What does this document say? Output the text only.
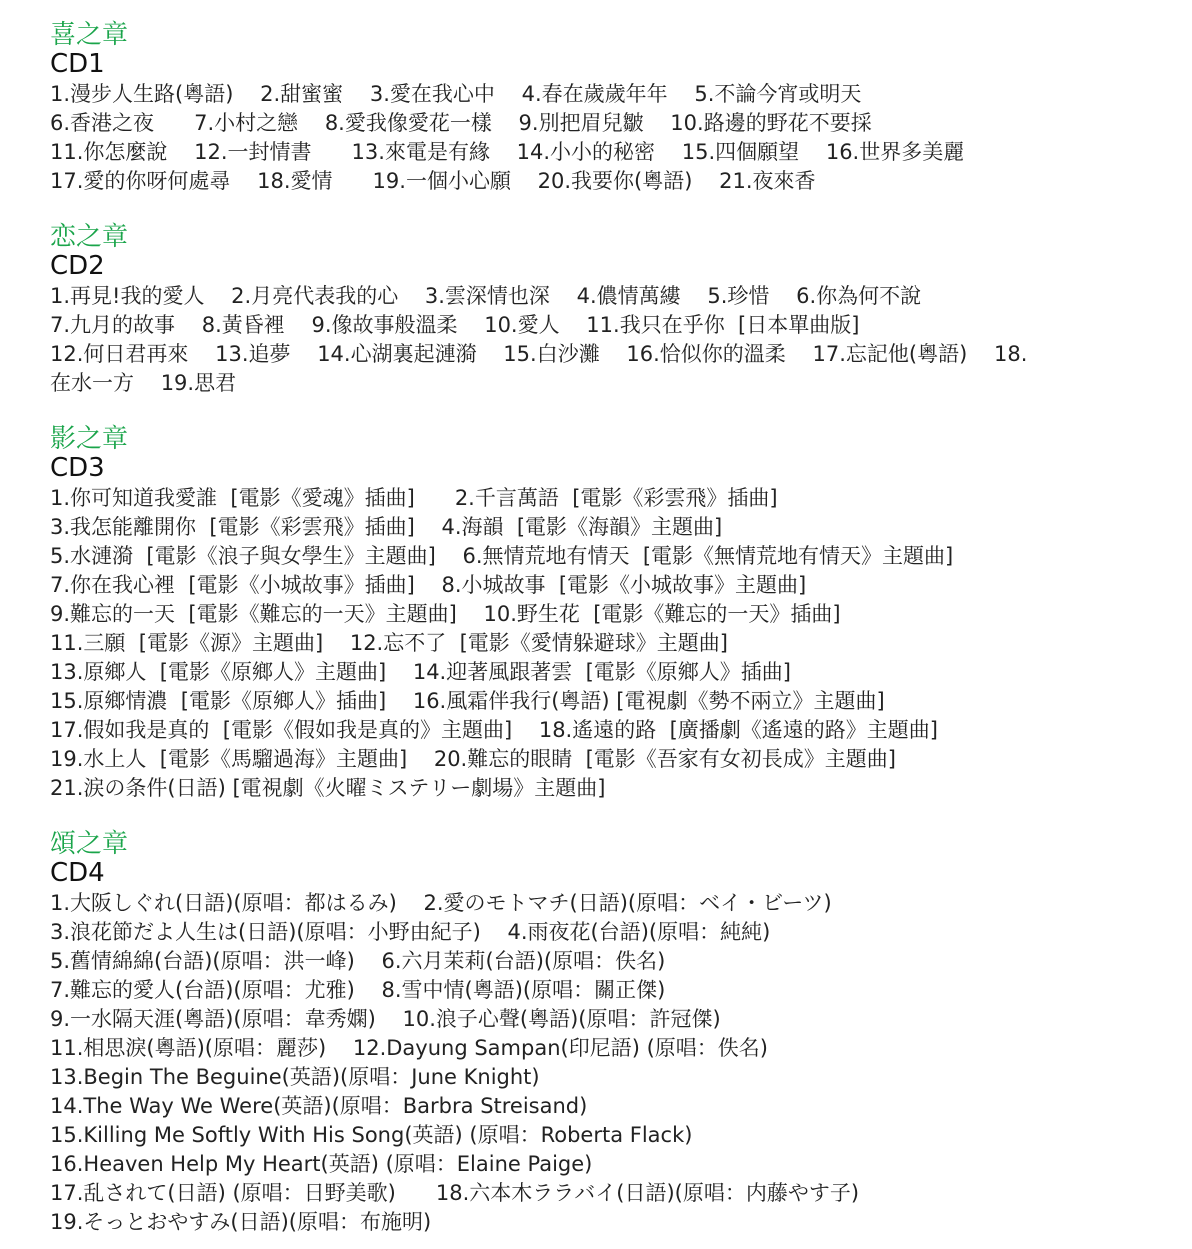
喜之章
CD1
1.漫步人生路(粵語)    2.甜蜜蜜    3.愛在我心中    4.春在歲歲年年    5.不論今宵或明天
6.香港之夜      7.小村之戀    8.愛我像愛花一樣    9.別把眉兒皺    10.路邊的野花不要採
11.你怎麼說    12.一封情書      13.來電是有緣    14.小小的秘密    15.四個願望    16.世界多美麗
17.愛的你呀何處尋    18.愛情      19.一個小心願    20.我要你(粵語)    21.夜來香
恋之章
CD2
1.再見!我的愛人    2.月亮代表我的心    3.雲深情也深    4.儂情萬縷    5.珍惜    6.你為何不說
7.九月的故事    8.黃昏裡    9.像故事般溫柔    10.愛人    11.我只在乎你  [日本單曲版]
12.何日君再來    13.追夢    14.心湖裏起漣漪    15.白沙灘    16.恰似你的溫柔    17.忘記他(粵語)    18.
在水一方    19.思君
影之章
CD3
1.你可知道我愛誰  [電影《愛魂》插曲]      2.千言萬語  [電影《彩雲飛》插曲]
3.我怎能離開你  [電影《彩雲飛》插曲]    4.海韻  [電影《海韻》主題曲]
5.水漣漪  [電影《浪子與女學生》主題曲]    6.無情荒地有情天  [電影《無情荒地有情天》主題曲]
7.你在我心裡  [電影《小城故事》插曲]    8.小城故事  [電影《小城故事》主題曲]
9.難忘的一天  [電影《難忘的一天》主題曲]    10.野生花  [電影《難忘的一天》插曲]
11.三願  [電影《源》主題曲]    12.忘不了  [電影《愛情躲避球》主題曲]
13.原鄉人  [電影《原鄉人》主題曲]    14.迎著風跟著雲  [電影《原鄉人》插曲]
15.原鄉情濃  [電影《原鄉人》插曲]    16.風霜伴我行(粵語) [電視劇《勢不兩立》主題曲]
17.假如我是真的  [電影《假如我是真的》主題曲]    18.遙遠的路  [廣播劇《遙遠的路》主題曲]
19.水上人  [電影《馬騮過海》主題曲]    20.難忘的眼睛  [電影《吾家有女初長成》主題曲]
21.涙の条件(日語) [電視劇《火曜ミステリー劇場》主題曲]
頌之章
CD4
1.大阪しぐれ(日語)(原唱：都はるみ)    2.愛のモトマチ(日語)(原唱：ベイ・ビーツ)
3.浪花節だよ人生は(日語)(原唱：小野由紀子)    4.雨夜花(台語)(原唱：純純)
5.舊情綿綿(台語)(原唱：洪一峰)    6.六月茉莉(台語)(原唱：佚名)
7.難忘的愛人(台語)(原唱：尤雅)    8.雪中情(粵語)(原唱：關正傑)
9.一水隔天涯(粵語)(原唱：韋秀嫻)    10.浪子心聲(粵語)(原唱：許冠傑)
11.相思淚(粵語)(原唱：麗莎)    12.Dayung Sampan(印尼語) (原唱：佚名)
13.Begin The Beguine(英語)(原唱：June Knight)
14.The Way We Were(英語)(原唱：Barbra Streisand)
15.Killing Me Softly With His Song(英語) (原唱：Roberta Flack)
16.Heaven Help My Heart(英語) (原唱：Elaine Paige)
17.乱されて(日語) (原唱：日野美歌)      18.六本木ララバイ(日語)(原唱：内藤やす子)
19.そっとおやすみ(日語)(原唱：布施明)
